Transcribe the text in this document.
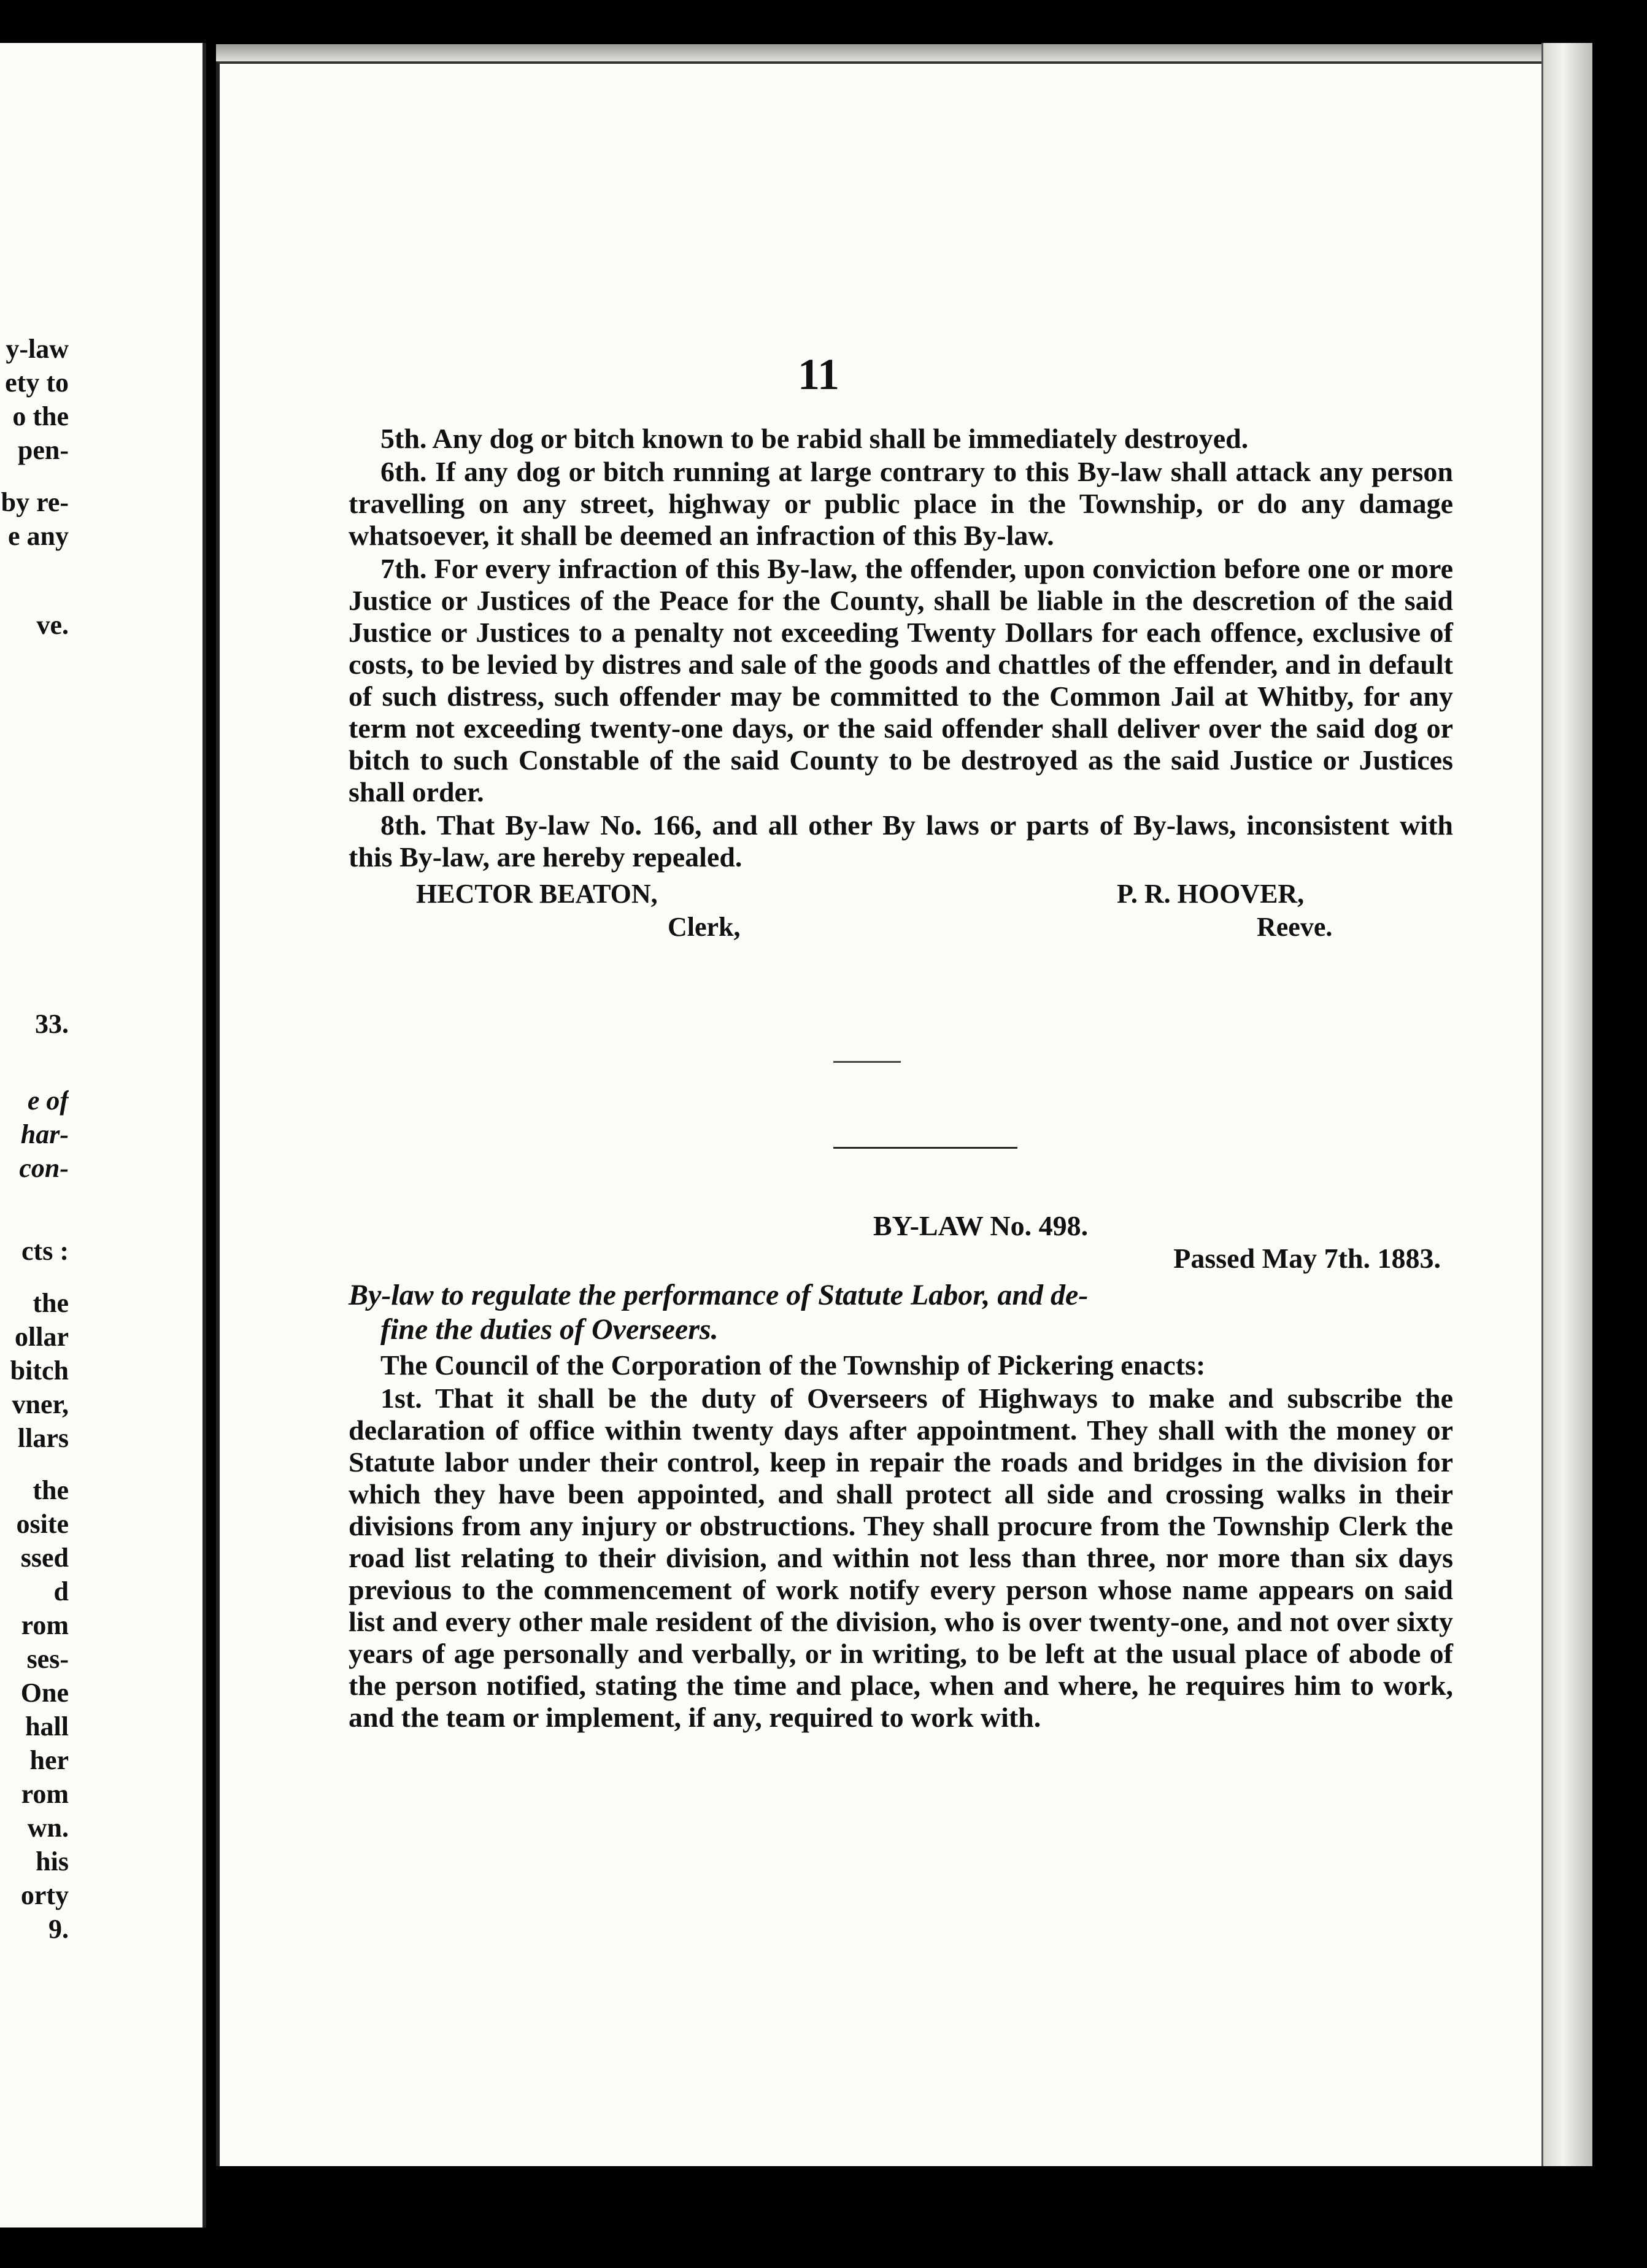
y-law
ety to
o the
pen-
by re-
e any
ve.
33.
e of
har-
con-
cts :
the
ollar
bitch
vner,
llars
the
osite
ssed
d
rom
ses-
One
hall
her
rom
wn.
his
orty
9.
11

5th. Any dog or bitch known to be rabid shall be immediately destroyed.

6th. If any dog or bitch running at large contrary to this By-law shall attack any person travelling on any street, highway or public place in the Township, or do any damage whatsoever, it shall be deemed an infraction of this By-law.

7th. For every infraction of this By-law, the offender, upon conviction before one or more Justice or Justices of the Peace for the County, shall be liable in the descretion of the said Justice or Justices to a penalty not exceeding Twenty Dollars for each offence, exclusive of costs, to be levied by distres and sale of the goods and chattles of the effender, and in default of such distress, such offender may be committed to the Common Jail at Whitby, for any term not exceeding twenty-one days, or the said offender shall deliver over the said dog or bitch to such Constable of the said County to be destroyed as the said Justice or Justices shall order.

8th. That By-law No. 166, and all other By laws or parts of By-laws, inconsistent with this By-law, are hereby repealed.

HECTOR BEATON,
Clerk,
P. R. HOOVER,
Reeve.

BY-LAW No. 498.

Passed May 7th. 1883.

By-law to regulate the performance of Statute Labor, and de-
fine the duties of Overseers.

The Council of the Corporation of the Township of Pickering enacts:

1st. That it shall be the duty of Overseers of Highways to make and subscribe the declaration of office within twenty days after appointment. They shall with the money or Statute labor under their control, keep in repair the roads and bridges in the division for which they have been appointed, and shall protect all side and crossing walks in their divisions from any injury or obstructions. They shall procure from the Township Clerk the road list relating to their division, and within not less than three, nor more than six days previous to the commencement of work notify every person whose name appears on said list and every other male resident of the division, who is over twenty-one, and not over sixty years of age personally and verbally, or in writing, to be left at the usual place of abode of the person notified, stating the time and place, when and where, he requires him to work, and the team or implement, if any, required to work with.
